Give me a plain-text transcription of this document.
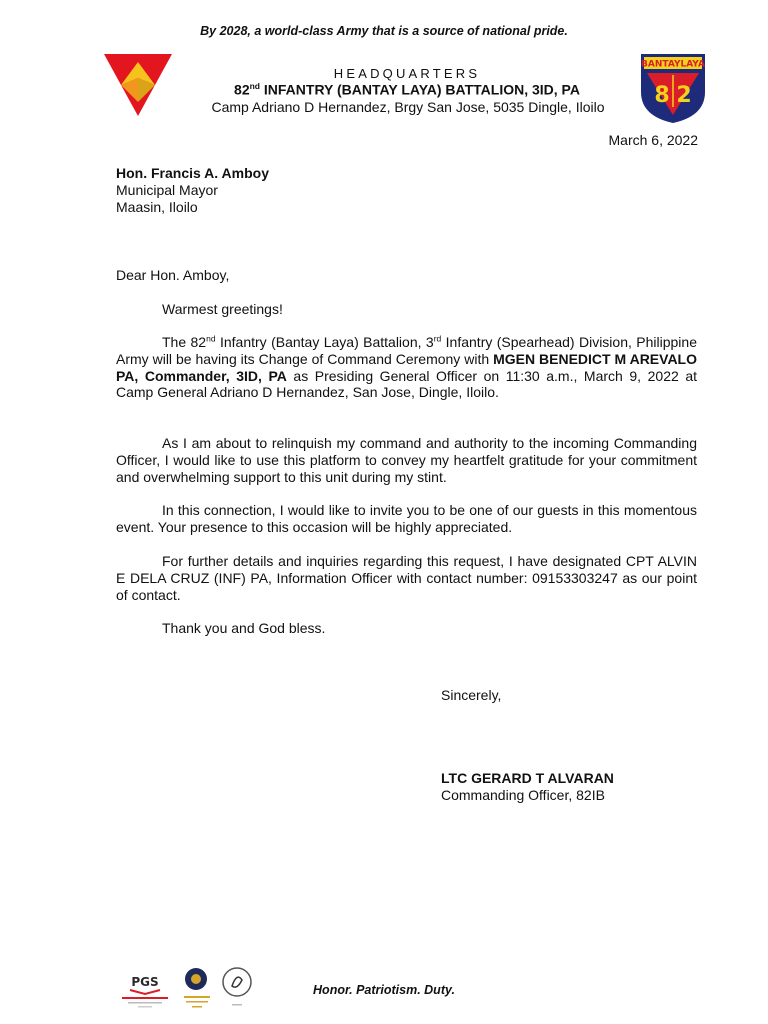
By 2028, a world-class Army that is a source of national pride.
HEADQUARTERS
82nd INFANTRY (BANTAY LAYA) BATTALION, 3ID, PA
Camp Adriano D Hernandez, Brgy San Jose, 5035 Dingle, Iloilo
BANTAYLAYA
8 2
March 6, 2022
Hon. Francis A. Amboy
Municipal Mayor
Maasin, Iloilo
Dear Hon. Amboy,

Warmest greetings!

The 82nd Infantry (Bantay Laya) Battalion, 3rd Infantry (Spearhead) Division, Philippine Army will be having its Change of Command Ceremony with MGEN BENEDICT M AREVALO PA, Commander, 3ID, PA as Presiding General Officer on 11:30 a.m., March 9, 2022 at Camp General Adriano D Hernandez, San Jose, Dingle, Iloilo.

As I am about to relinquish my command and authority to the incoming Commanding Officer, I would like to use this platform to convey my heartfelt gratitude for your commitment and overwhelming support to this unit during my stint.

In this connection, I would like to invite you to be one of our guests in this momentous event. Your presence to this occasion will be highly appreciated.

For further details and inquiries regarding this request, I have designated CPT ALVIN E DELA CRUZ (INF) PA, Information Officer with contact number: 09153303247 as our point of contact.

Thank you and God bless.

Sincerely,
LTC GERARD T ALVARAN
Commanding Officer, 82IB
PGS
Honor. Patriotism. Duty.
